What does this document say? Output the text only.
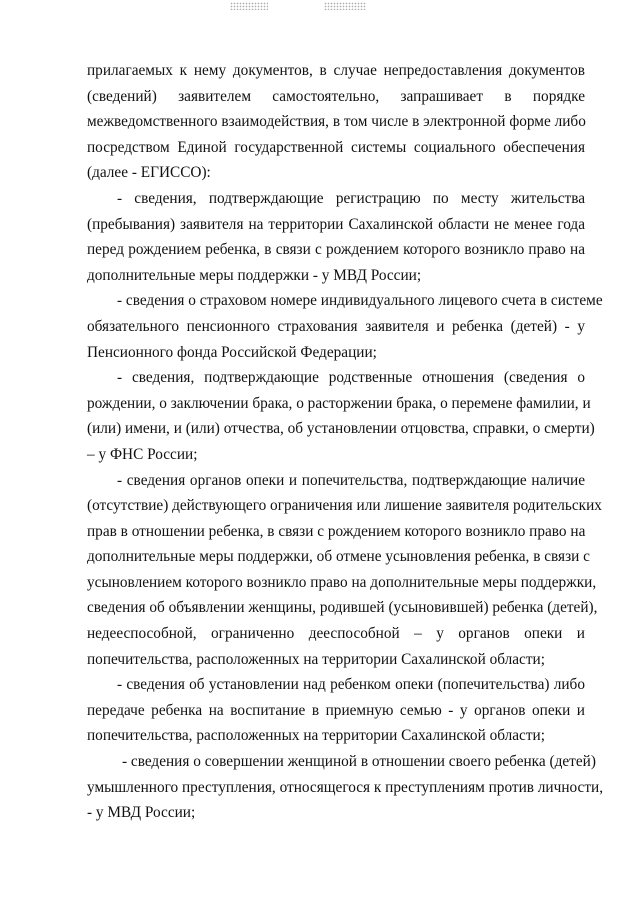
прилагаемых к нему документов, в случае непредоставления документов
(сведений) заявителем самостоятельно, запрашивает в порядке
межведомственного взаимодействия, в том числе в электронной форме либо
посредством Единой государственной системы социального обеспечения
(далее - ЕГИССО):
- сведения, подтверждающие регистрацию по месту жительства
(пребывания) заявителя на территории Сахалинской области не менее года
перед рождением ребенка, в связи с рождением которого возникло право на
дополнительные меры поддержки - у МВД России;
- сведения о страховом номере индивидуального лицевого счета в системе
обязательного пенсионного страхования заявителя и ребенка (детей) - у
Пенсионного фонда Российской Федерации;
- сведения, подтверждающие родственные отношения (сведения о
рождении, о заключении брака, о расторжении брака, о перемене фамилии, и
(или) имени, и (или) отчества, об установлении отцовства, справки, о смерти)
– у ФНС России;
- сведения органов опеки и попечительства, подтверждающие наличие
(отсутствие) действующего ограничения или лишение заявителя родительских
прав в отношении ребенка, в связи с рождением которого возникло право на
дополнительные меры поддержки, об отмене усыновления ребенка, в связи с
усыновлением которого возникло право на дополнительные меры поддержки,
сведения об объявлении женщины, родившей (усыновившей) ребенка (детей),
недееспособной, ограниченно дееспособной – у органов опеки и
попечительства, расположенных на территории Сахалинской области;
- сведения об установлении над ребенком опеки (попечительства) либо
передаче ребенка на воспитание в приемную семью - у органов опеки и
попечительства, расположенных на территории Сахалинской области;
- сведения о совершении женщиной в отношении своего ребенка (детей)
умышленного преступления, относящегося к преступлениям против личности,
- у МВД России;
